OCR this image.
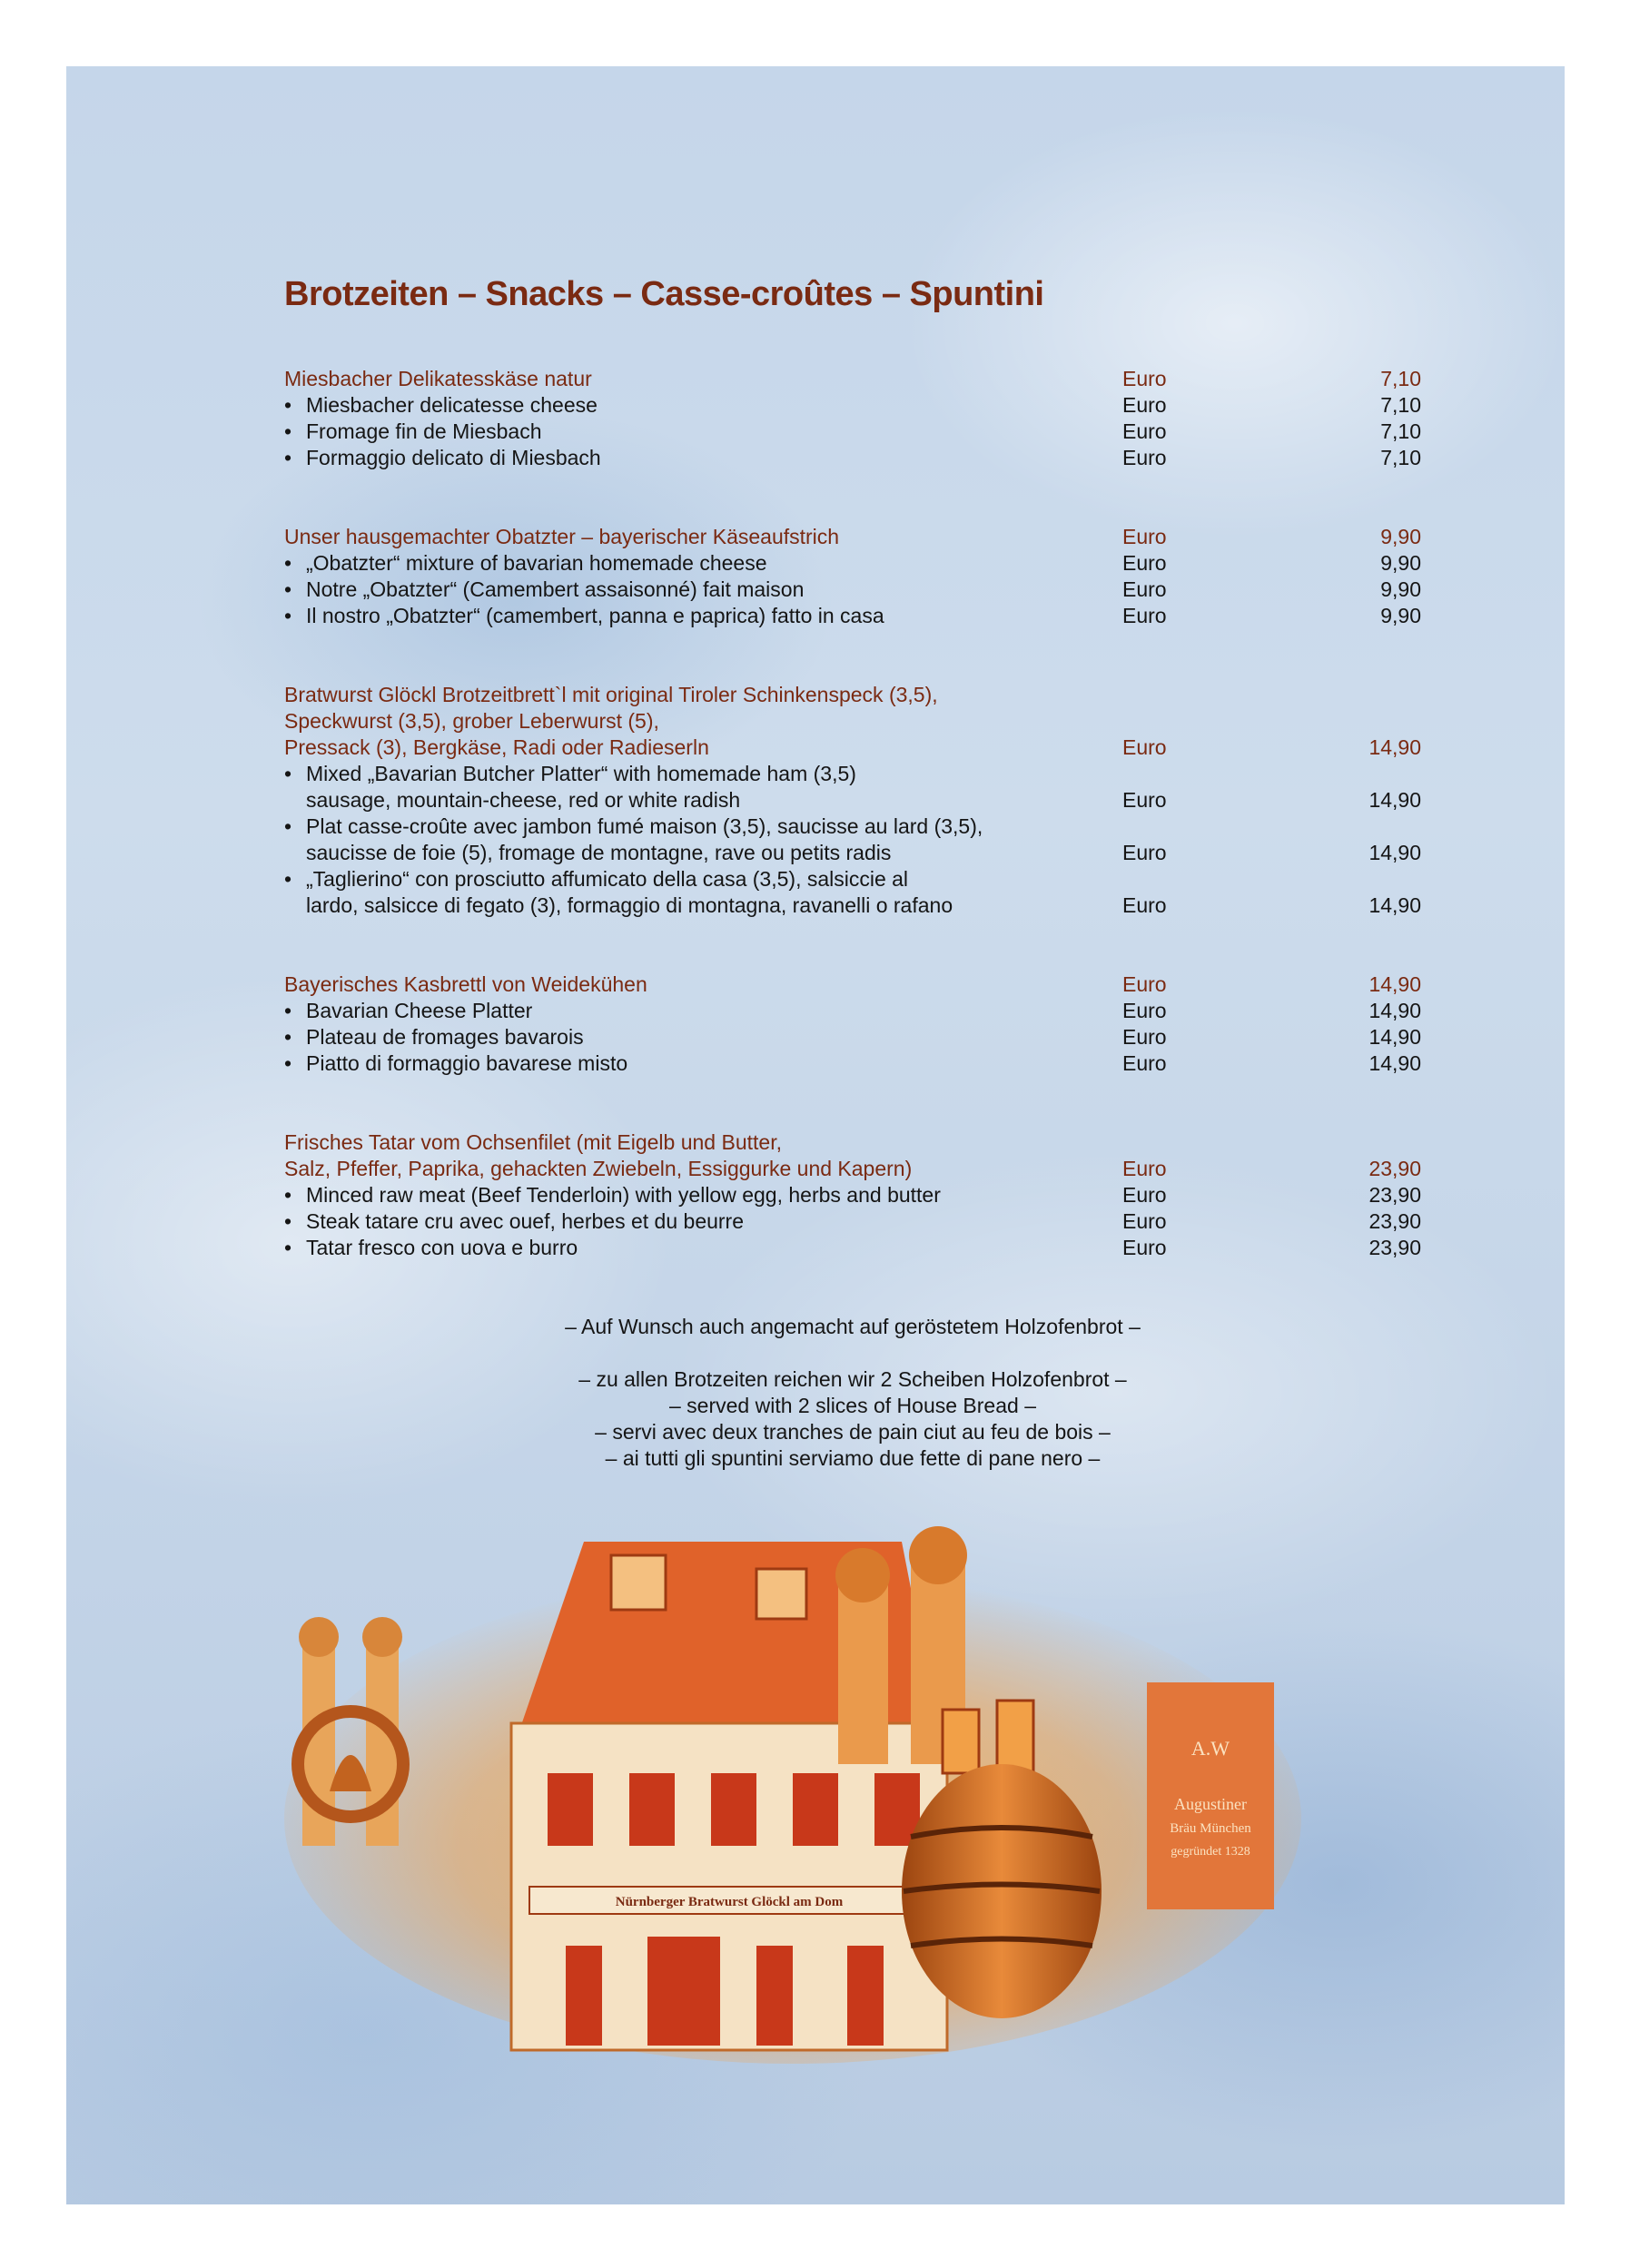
Brotzeiten – Snacks – Casse-croûtes – Spuntini
Miesbacher Delikatesskäse natur	Euro	7,10
• Miesbacher delicatesse cheese	Euro	7,10
• Fromage fin de Miesbach	Euro	7,10
• Formaggio delicato di Miesbach	Euro	7,10
Unser hausgemachter Obatzter – bayerischer Käseaufstrich	Euro	9,90
• „Obatzter“ mixture of bavarian homemade cheese	Euro	9,90
• Notre „Obatzter“ (Camembert assaisonné) fait maison	Euro	9,90
• Il nostro „Obatzter“ (camembert, panna e paprica) fatto in casa	Euro	9,90
Bratwurst Glöckl Brotzeitbrett`l mit original Tiroler Schinkenspeck (3,5),
Speckwurst (3,5), grober Leberwurst (5),
Pressack (3), Bergkäse, Radi oder Radieserln	Euro	14,90
• Mixed „Bavarian Butcher Platter“ with homemade ham (3,5)
sausage, mountain-cheese, red or white radish	Euro	14,90
• Plat casse-croûte avec jambon fumé maison (3,5), saucisse au lard (3,5),
saucisse de foie (5), fromage de montagne, rave ou petits radis	Euro	14,90
• „Taglierino“ con prosciutto affumicato della casa (3,5), salsiccie al
lardo, salsicce di fegato (3), formaggio di montagna, ravanelli o rafano	Euro	14,90
Bayerisches Kasbrettl von Weidekühen	Euro	14,90
• Bavarian Cheese Platter	Euro	14,90
• Plateau de fromages bavarois	Euro	14,90
• Piatto di formaggio bavarese misto	Euro	14,90
Frisches Tatar vom Ochsenfilet (mit Eigelb und Butter,
Salz, Pfeffer, Paprika, gehackten Zwiebeln, Essiggurke und Kapern)	Euro	23,90
• Minced raw meat (Beef Tenderloin) with yellow egg, herbs and butter	Euro	23,90
• Steak tatare cru avec ouef, herbes et du beurre	Euro	23,90
• Tatar fresco con uova e burro	Euro	23,90
– Auf Wunsch auch angemacht auf geröstetem Holzofenbrot –
– zu allen Brotzeiten reichen wir 2 Scheiben Holzofenbrot –
– served with 2 slices of House Bread –
– servi avec deux tranches de pain ciut au feu de bois –
– ai tutti gli spuntini serviamo due fette di pane nero –
Nürnberger Bratwurst Glöckl am Dom
A.W
Augustiner
Bräu München
gegründet 1328
